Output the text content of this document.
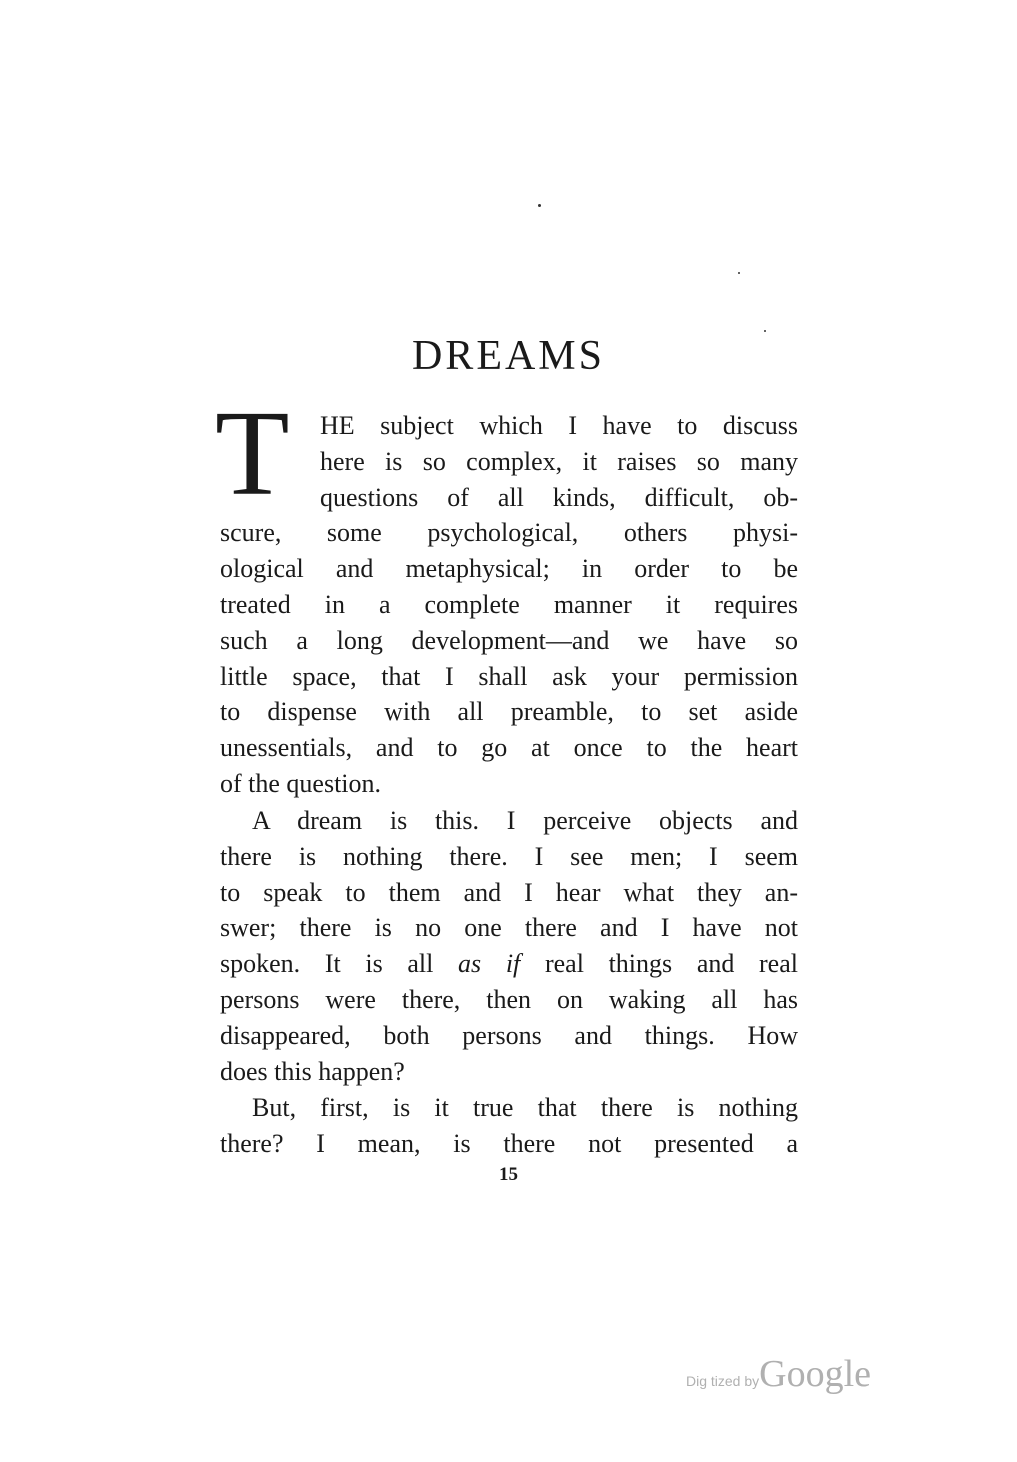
DREAMS
T	HE subject which I have to discuss
here is so complex, it raises so many
questions of all kinds, difficult, ob-
scure, some psychological, others physi-
ological and metaphysical; in order to be
treated in a complete manner it requires
such a long development—and we have so
little space, that I shall ask your permission
to dispense with all preamble, to set aside
unessentials, and to go at once to the heart
of the question.
A dream is this. I perceive objects and
there is nothing there. I see men; I seem
to speak to them and I hear what they an-
swer; there is no one there and I have not
spoken. It is all as if real things and real
persons were there, then on waking all has
disappeared, both persons and things. How
does this happen?
But, first, is it true that there is nothing
there? I mean, is there not presented a
15
Dig tized byGoogle
